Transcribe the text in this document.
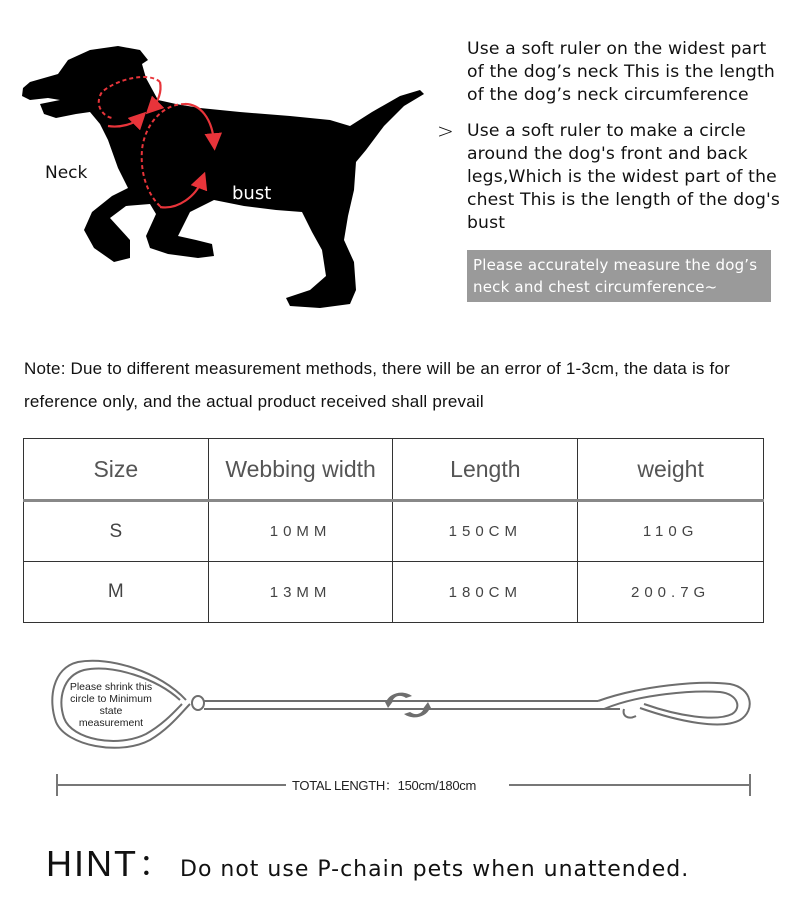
Neck
bust
Use a soft ruler on the widest part of the dog’s neck This is the length of the dog’s neck circumference
> Use a soft ruler to make a circle around the dog's front and back legs,Which is the widest part of the chest This is the length of the dog's bust
Please accurately measure the dog’s neck and chest circumference~
Note: Due to different measurement methods, there will be an error of 1-3cm, the data is for reference only, and the actual product received shall prevail
Size	Webbing width	Length	weight
S	10MM	150CM	110G
M	13MM	180CM	200.7G
Please shrink this circle to Minimum state measurement
TOTAL LENGTH：150cm/180cm
HINT： Do not use P-chain pets when unattended.
